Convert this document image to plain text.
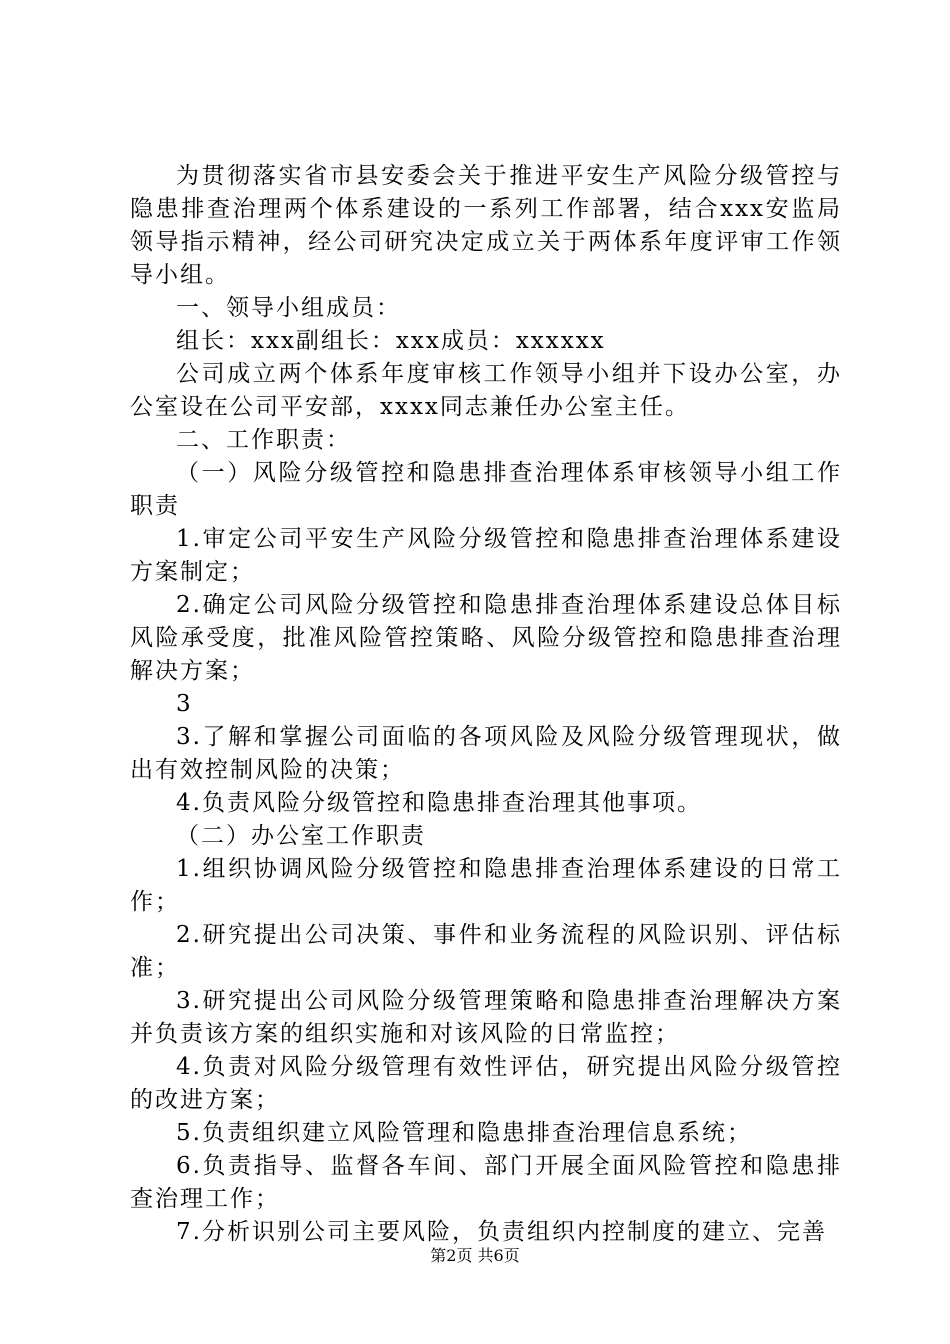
为贯彻落实省市县安委会关于推进平安生产风险分级管控与隐患排查治理两个体系建设的一系列工作部署，结合xxx安监局领导指示精神，经公司研究决定成立关于两体系年度评审工作领导小组。

一、领导小组成员：

组长：xxx副组长：xxx成员：xxxxxx

公司成立两个体系年度审核工作领导小组并下设办公室，办公室设在公司平安部，xxxx同志兼任办公室主任。

二、工作职责：

（一）风险分级管控和隐患排查治理体系审核领导小组工作职责

1.审定公司平安生产风险分级管控和隐患排查治理体系建设方案制定；

2.确定公司风险分级管控和隐患排查治理体系建设总体目标风险承受度，批准风险管控策略、风险分级管控和隐患排查治理解决方案；

3

3.了解和掌握公司面临的各项风险及风险分级管理现状，做出有效控制风险的决策；

4.负责风险分级管控和隐患排查治理其他事项。

（二）办公室工作职责

1.组织协调风险分级管控和隐患排查治理体系建设的日常工作；

2.研究提出公司决策、事件和业务流程的风险识别、评估标准；

3.研究提出公司风险分级管理策略和隐患排查治理解决方案并负责该方案的组织实施和对该风险的日常监控；

4.负责对风险分级管理有效性评估，研究提出风险分级管控的改进方案；

5.负责组织建立风险管理和隐患排查治理信息系统；

6.负责指导、监督各车间、部门开展全面风险管控和隐患排查治理工作；

7.分析识别公司主要风险，负责组织内控制度的建立、完善

第2页 共6页
